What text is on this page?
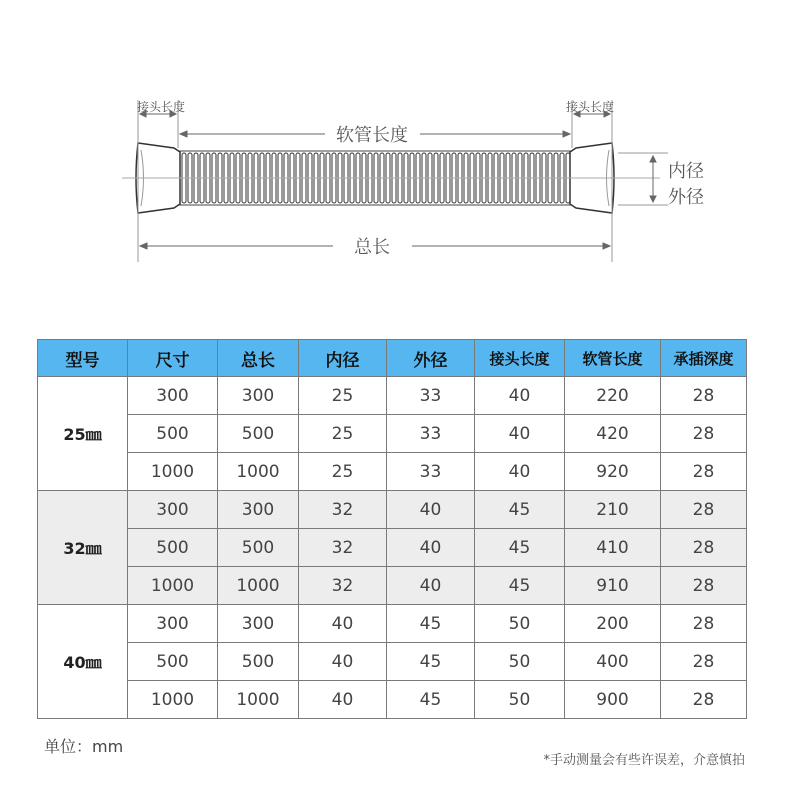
接头长度	接头长度
软管长度
总长
内径
外径
型号	尺寸	总长	内径	外径	接头长度	软管长度	承插深度
25㎜	300	300	25	33	40	220	28
	500	500	25	33	40	420	28
	1000	1000	25	33	40	920	28
32㎜	300	300	32	40	45	210	28
	500	500	32	40	45	410	28
	1000	1000	32	40	45	910	28
40㎜	300	300	40	45	50	200	28
	500	500	40	45	50	400	28
	1000	1000	40	45	50	900	28
单位：mm
*手动测量会有些许误差，介意慎拍
